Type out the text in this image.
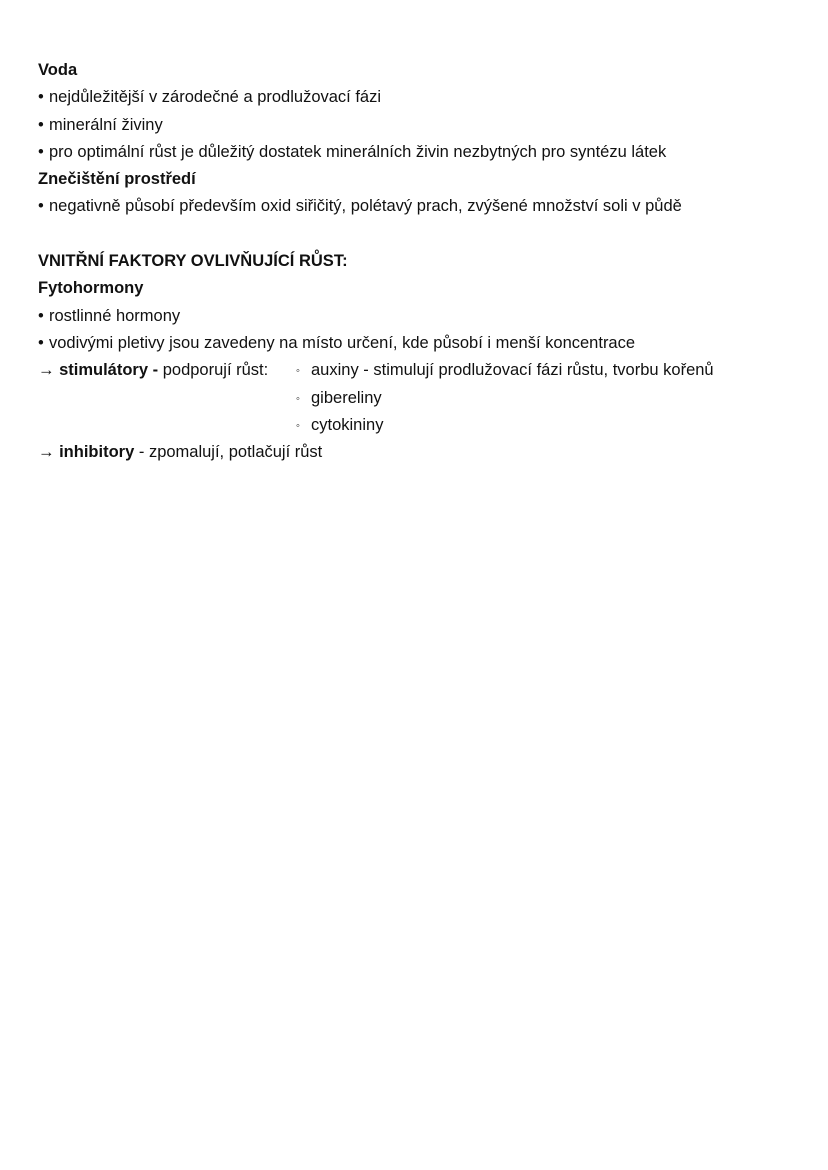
Voda
• nejdůležitější v zárodečné a prodlužovací fázi
• minerální živiny
• pro optimální růst je důležitý dostatek minerálních živin nezbytných pro syntézu látek
Znečištění prostředí
• negativně působí především oxid siřičitý, polétavý prach, zvýšené množství soli v půdě
VNITŘNÍ FAKTORY OVLIVŇUJÍCÍ RŮST:
Fytohormony
• rostlinné hormony
• vodivými pletivy jsou zavedeny na místo určení, kde působí i menší koncentrace
→ stimulátory - podporují růst:	◦ auxiny - stimulují prodlužovací fázi růstu, tvorbu kořenů
◦ gibereliny
◦ cytokininy
→ inhibitory - zpomalují, potlačují růst
